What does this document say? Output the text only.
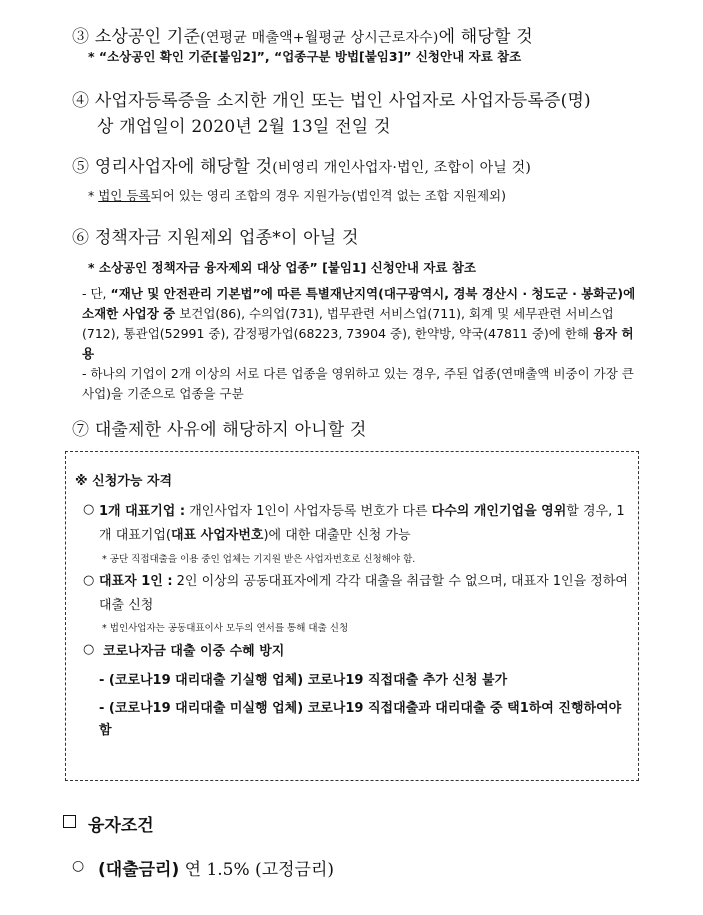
③ 소상공인 기준(연평균 매출액+월평균 상시근로자수)에 해당할 것
* “소상공인 확인 기준[붙임2]”, “업종구분 방법[붙임3]” 신청안내 자료 참조
④ 사업자등록증을 소지한 개인 또는 법인 사업자로 사업자등록증(명)
상 개업일이 2020년 2월 13일 전일 것
⑤ 영리사업자에 해당할 것(비영리 개인사업자·법인, 조합이 아닐 것)
* 법인 등록되어 있는 영리 조합의 경우 지원가능(법인격 없는 조합 지원제외)
⑥ 정책자금 지원제외 업종*이 아닐 것
* 소상공인 정책자금 융자제외 대상 업종” [붙임1] 신청안내 자료 참조
- 단, “재난 및 안전관리 기본법”에 따른 특별재난지역(대구광역시, 경북 경산시 · 청도군 · 봉화군)에 소재한 사업장 중 보건업(86), 수의업(731), 법무관련 서비스업(711), 회계 및 세무관련 서비스업(712), 통관업(52991 중), 감정평가업(68223, 73904 중), 한약방, 약국(47811 중)에 한해 융자 허용
- 하나의 기업이 2개 이상의 서로 다른 업종을 영위하고 있는 경우, 주된 업종(연매출액 비중이 가장 큰 사업)을 기준으로 업종을 구분
⑦ 대출제한 사유에 해당하지 아니할 것
※ 신청가능 자격
○ 1개 대표기업 : 개인사업자 1인이 사업자등록 번호가 다른 다수의 개인기업을 영위할 경우, 1개 대표기업(대표 사업자번호)에 대한 대출만 신청 가능
* 공단 직접대출을 이용 중인 업체는 기지원 받은 사업자번호로 신청해야 함.
○ 대표자 1인 : 2인 이상의 공동대표자에게 각각 대출을 취급할 수 없으며, 대표자 1인을 정하여 대출 신청
* 법인사업자는 공동대표이사 모두의 연서를 통해 대출 신청
○ 코로나자금 대출 이중 수혜 방지
- (코로나19 대리대출 기실행 업체) 코로나19 직접대출 추가 신청 불가
- (코로나19 대리대출 미실행 업체) 코로나19 직접대출과 대리대출 중 택1하여 진행하여야 함
융자조건
○ (대출금리) 연 1.5% (고정금리)
